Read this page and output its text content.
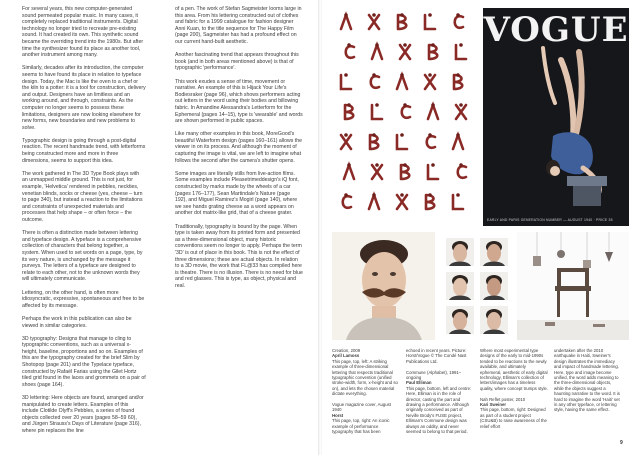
For several years, this new computer-generated sound permeated popular music. In many cases, it completely replaced traditional instruments. Digital technology no longer tried to recreate pre-existing sound. It had created its own. This synthetic sound became the overriding trend into the 1980s. But after time the synthesizer found its place as another tool, another instrument among many.

Similarly, decades after its introduction, the computer seems to have found its place in relation to typeface design. Today, the Mac is like the oven to a chef or the kiln to a potter: it is a tool for construction, delivery and output. Designers have an limitless and an working around, and through, constraints. As the computer no longer seems to possess these limitations, designers are now looking elsewhere for new forms, new boundaries and new problems to solve.

Typographic design is going through a post-digital reaction. The recent handmade trend, with letterforms being constructed more and more in three dimensions, seems to support this idea.

The work gathered in The 3D Type Book plays with an unmapped middle ground. This is not just, for example, 'Helvetica' rendered in pebbles, neckties, venetian blinds, socks or cheese (yes, cheese – turn to page 340), but instead a reaction to the limitations and constraints of unexpected materials and processes that help shape – or often force – the outcome.

There is often a distinction made between lettering and typeface design. A typeface is a comprehensive collection of characters that belong together, a system. When used to set words on a page, type, by its very nature, is unchanged by the message it purveys. The letters of a typeface are designed to relate to each other, not to the unknown words they will ultimately communicate.

Lettering, on the other hand, is often more idiosyncratic, expressive, spontaneous and free to be affected by its message.

Perhaps the work in this publication can also be viewed in similar categories.

3D typography: Designs that manage to cling to typographic conventions, such as a universal x-height, baseline, proportions and so on. Examples of this are the typography created for the brief Slim by Shotopop (page 201) and the Typelace typeface, constructed by Rafaël Farias using the Gilet Hortz tiled grid found in the laces and grommets on a pair of shoes (page 164).

3D lettering: Here objects are found, arranged and/or manipulated to create letters. Examples of this include Clotilde Olyff's Pebbles, a series of found objects collected over 20 years (pages 58–59 60), and Jürgen Strauss's Days of Literature (page 316), where pin replaces the line

of a pen. The work of Stefan Sagmeister looms large in this area. From his lettering constructed out of clothes and fabric for a 1999 catalogue for fashion designer Anni Kuan, to the title sequence for The Happy Film (page 200), Sagmeister has had a profound effect on our current hand-built aesthetic.

Another fascinating trend that appears throughout this book (and in both areas mentioned above) is that of typographic 'performance'.

This work exudes a sense of time, movement or narrative. An example of this is Hijack Your Life's Bodiesraker (page 96), which shows performers acting out letters in the word using their bodies and billowing fabric. In Amandine Alessandra's Letterform for the Ephemeral (pages 14–15), type is 'wearable' and words are shown performed in public spaces.

Like many other examples in this book, MoreGood's beautiful Waterform design (pages 160–161) allows the viewer in on its process. And although the moment of capturing the image is vital, we are left to imagine what follows the second after the camera's shutter opens.

Some images are literally stills from live-action films. Some examples include Pleasetrimeddesign's iQ font, constructed by marks made by the wheels of a car (pages 176–177), Sean Martindale's Nature (page 192), and Miguel Ramirez's Mogirl (page 140), where we see hands grating cheese as a word appears on another dot matrix-like grid, that of a cheese grater.

Traditionally, typography is bound by the page. When type is taken away from its printed form and presented as a three-dimensional object, many historic conventions seem no longer to apply. Perhaps the term '3D' is out of place in this book. This is not the effect of three dimensions; these are actual objects. In relation to a 3D movie, the work that FL@33 has compiled here is theatre. There is no illusion. There is no need for blue and red glasses. This is type, as object, physical and real.

VOGUE
EARLY AND PARIS GENERATION NUMBER — AUGUST 1940 · PRICE 35

Creation, 2009

April Lamoss

This page, top, left: A striking example of three-dimensional lettering that respects traditional typographic convention (unified stroke-width, form, x-height and so on), and lets the chosen material dictate everything.

Vogue magazine cover, August 1940

Horst

This page, top, right: An iconic example of performance typography that has been

echoed in recent years. Picture: Horst/Vogue © The Condé Nast Publications Ltd.

Commune (Alphabet), 1991–ongoing

Paul Elliman

This page, bottom, left and centre: Here, Elliman is in the role of director, casting the part and drawing a performance. Although originally conceived as part of Neville Brody's FUSE project, Elliman's Commune design was always an oddity, and never seemed to belong to that period.

Where most experimental type designs of the early to mid-1990s tended to be reactions to the newly available, and ultimately ephemeral, aesthetic of early digital technology, Elliman's collection of letters/images has a timeless quality, where concept trumps style.

Nah Reflet poster, 2010

Kari Sweiner

This page, bottom, right: Designed as part of a student project (CSU&B) to raise awareness of the relief effort

undertaken after the 2010 earthquake in Haiti, Sweiner's design illustrates the immediacy and impact of handmade lettering. Here, type and image become unified, the word adds meaning to the three-dimensional objects, while the objects suggest a haunting narrative to the word. It is hard to imagine the word 'Haiti' set in any other typeface, or lettering style, having the same effect.

9
